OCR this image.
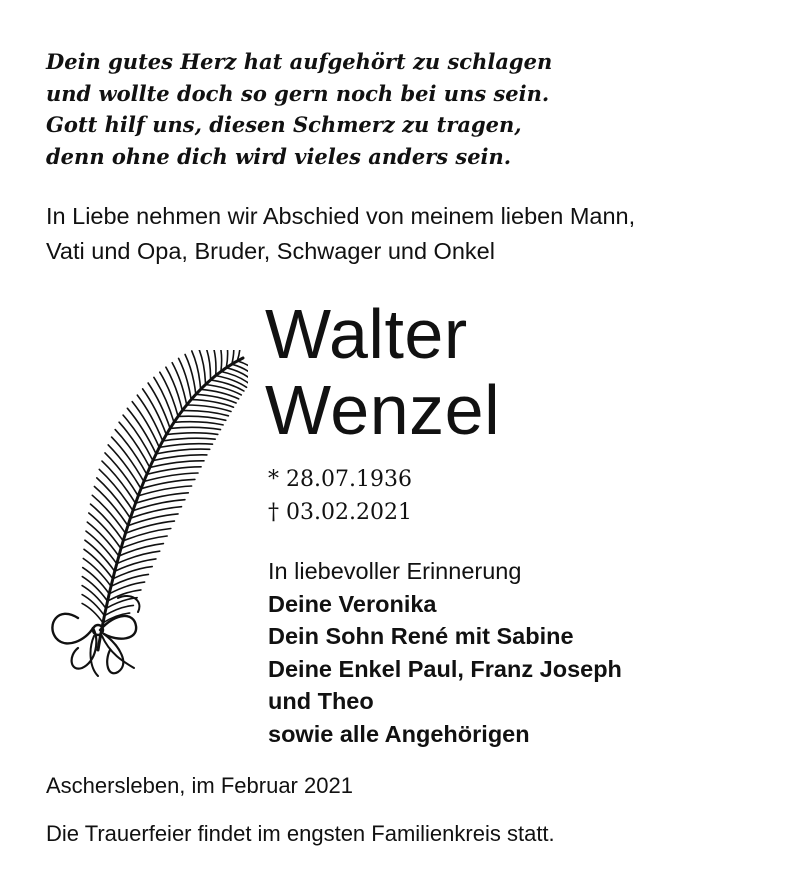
Dein gutes Herz hat aufgehört zu schlagen
und wollte doch so gern noch bei uns sein.
Gott hilf uns, diesen Schmerz zu tragen,
denn ohne dich wird vieles anders sein.
In Liebe nehmen wir Abschied von meinem lieben Mann,
Vati und Opa, Bruder, Schwager und Onkel
Walter
Wenzel
* 28.07.1936
† 03.02.2021
In liebevoller Erinnerung
Deine Veronika
Dein Sohn René mit Sabine
Deine Enkel Paul, Franz Joseph
und Theo
sowie alle Angehörigen
Aschersleben, im Februar 2021
Die Trauerfeier findet im engsten Familienkreis statt.
